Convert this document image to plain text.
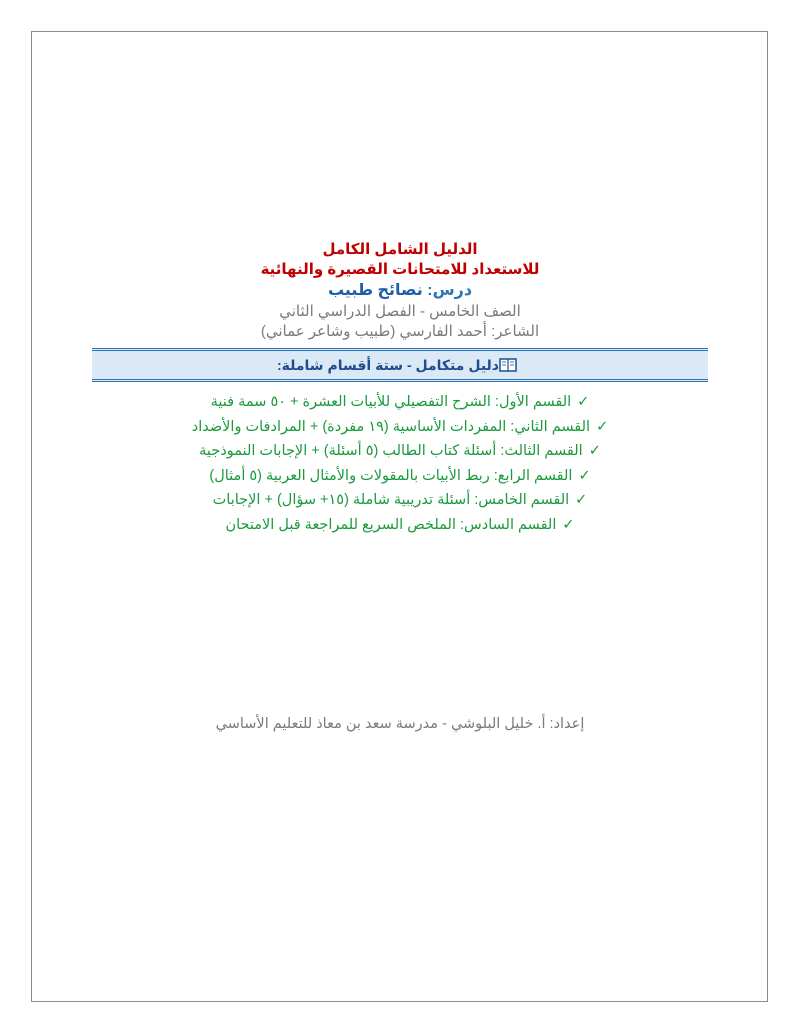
الدليل الشامل الكامل
للاستعداد للامتحانات القصيرة والنهائية
درس: نصائح طبيب
الصف الخامس - الفصل الدراسي الثاني
الشاعر: أحمد الفارسي (طبيب وشاعر عماني)
دليل متكامل - ستة أقسام شاملة:
✓القسم الأول: الشرح التفصيلي للأبيات العشرة + ٥٠ سمة فنية
✓القسم الثاني: المفردات الأساسية (١٩ مفردة) + المرادفات والأضداد
✓القسم الثالث: أسئلة كتاب الطالب (٥ أسئلة) + الإجابات النموذجية
✓القسم الرابع: ربط الأبيات بالمقولات والأمثال العربية (٥ أمثال)
✓القسم الخامس: أسئلة تدريبية شاملة (١٥+ سؤال) + الإجابات
✓القسم السادس: الملخص السريع للمراجعة قبل الامتحان
إعداد: أ. خليل البلوشي - مدرسة سعد بن معاذ للتعليم الأساسي
